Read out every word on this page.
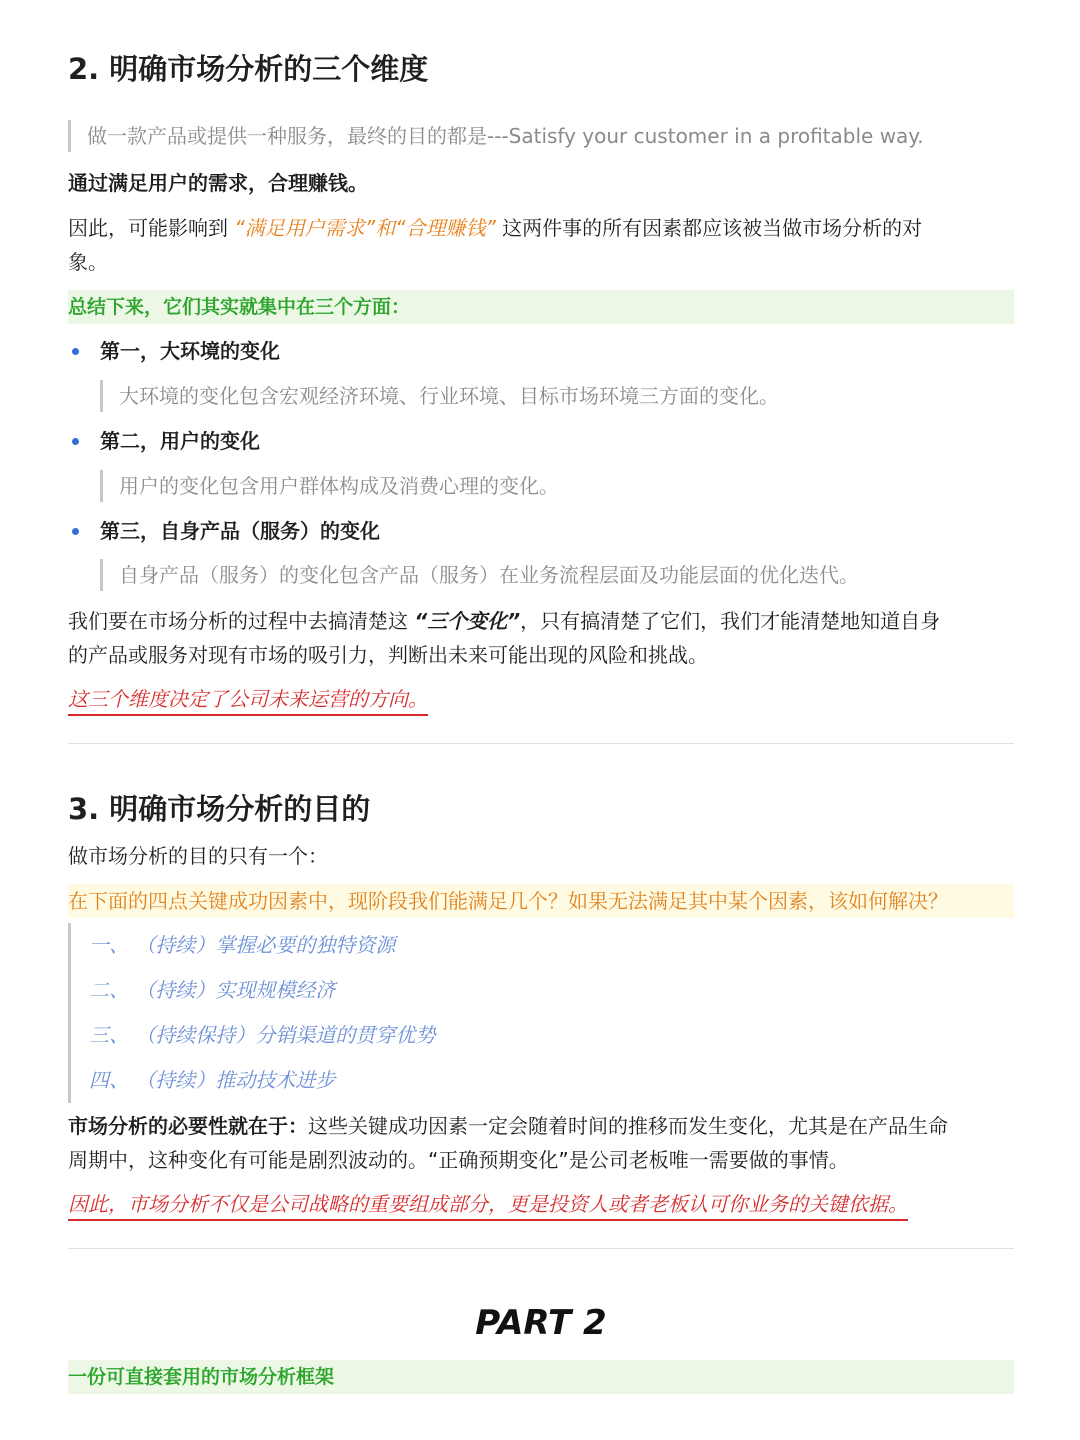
2. 明确市场分析的三个维度
做一款产品或提供一种服务，最终的目的都是---Satisfy your customer in a profitable way.
通过满足用户的需求，合理赚钱。
因此，可能影响到 “满足用户需求”和“合理赚钱” 这两件事的所有因素都应该被当做市场分析的对
象。
总结下来，它们其实就集中在三个方面：
第一，大环境的变化
大环境的变化包含宏观经济环境、行业环境、目标市场环境三方面的变化。
第二，用户的变化
用户的变化包含用户群体构成及消费心理的变化。
第三，自身产品（服务）的变化
自身产品（服务）的变化包含产品（服务）在业务流程层面及功能层面的优化迭代。
我们要在市场分析的过程中去搞清楚这 “三个变化”，只有搞清楚了它们，我们才能清楚地知道自身
的产品或服务对现有市场的吸引力，判断出未来可能出现的风险和挑战。
这三个维度决定了公司未来运营的方向。
3. 明确市场分析的目的
做市场分析的目的只有一个：
在下面的四点关键成功因素中，现阶段我们能满足几个？如果无法满足其中某个因素，该如何解决？
一、 （持续）掌握必要的独特资源
二、 （持续）实现规模经济
三、 （持续保持）分销渠道的贯穿优势
四、 （持续）推动技术进步
市场分析的必要性就在于：这些关键成功因素一定会随着时间的推移而发生变化，尤其是在产品生命
周期中，这种变化有可能是剧烈波动的。“正确预期变化”是公司老板唯一需要做的事情。
因此，市场分析不仅是公司战略的重要组成部分，更是投资人或者老板认可你业务的关键依据。
PART 2
一份可直接套用的市场分析框架
